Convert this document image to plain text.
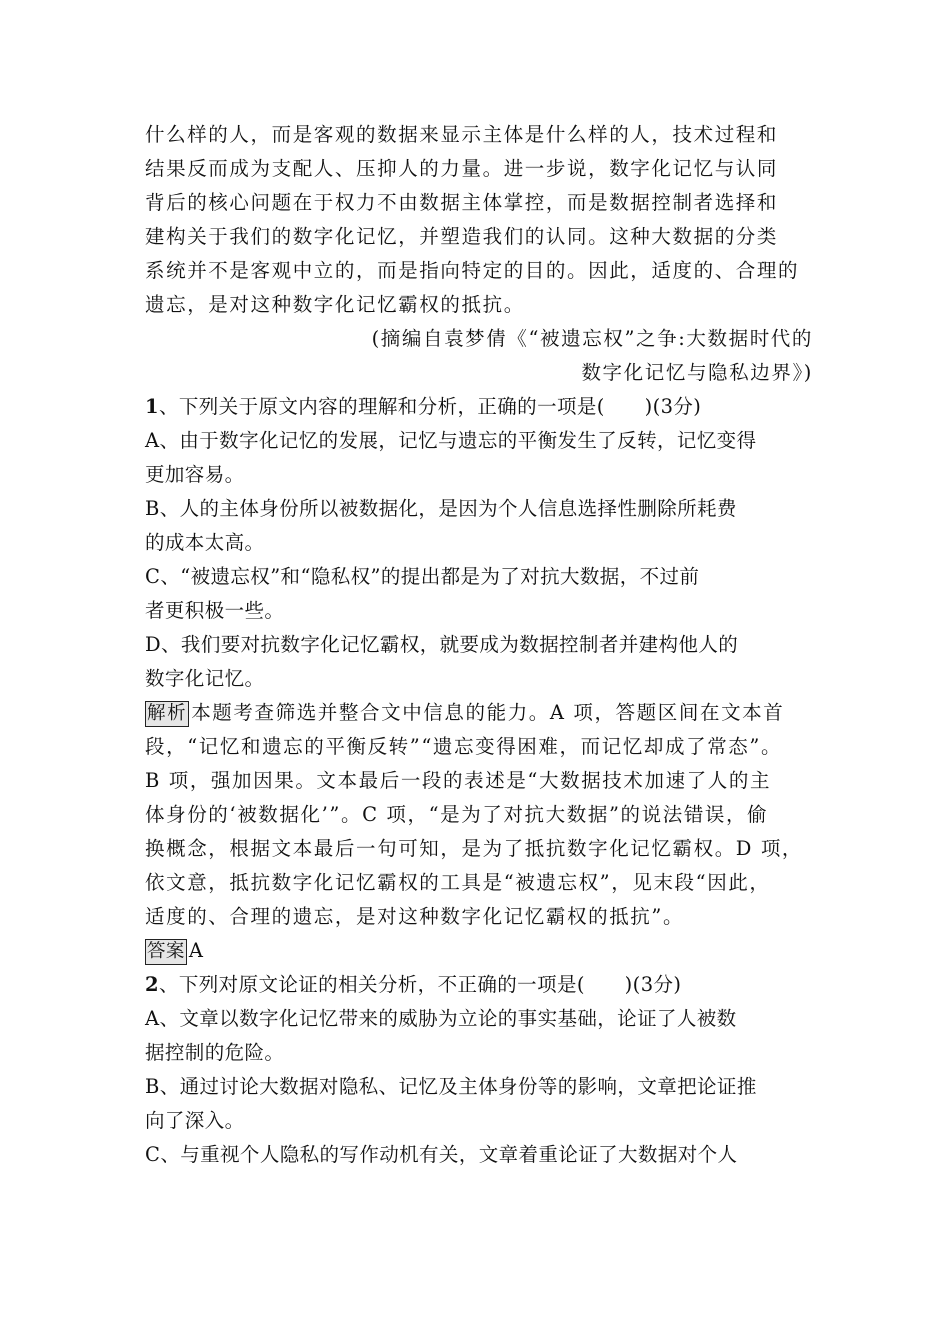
什么样的人，而是客观的数据来显示主体是什么样的人，技术过程和
结果反而成为支配人、压抑人的力量。进一步说，数字化记忆与认同
背后的核心问题在于权力不由数据主体掌控，而是数据控制者选择和
建构关于我们的数字化记忆，并塑造我们的认同。这种大数据的分类
系统并不是客观中立的，而是指向特定的目的。因此，适度的、合理的
遗忘，是对这种数字化记忆霸权的抵抗。
(摘编自袁梦倩《“被遗忘权”之争:大数据时代的
数字化记忆与隐私边界》)
1、下列关于原文内容的理解和分析，正确的一项是(　　)(3分)
A、由于数字化记忆的发展，记忆与遗忘的平衡发生了反转，记忆变得
更加容易。
B、人的主体身份所以被数据化，是因为个人信息选择性删除所耗费
的成本太高。
C、“被遗忘权”和“隐私权”的提出都是为了对抗大数据，不过前
者更积极一些。
D、我们要对抗数字化记忆霸权，就要成为数据控制者并建构他人的
数字化记忆。
解析 本题考查筛选并整合文中信息的能力。A 项，答题区间在文本首
段，“记忆和遗忘的平衡反转”“遗忘变得困难，而记忆却成了常态”。
B 项，强加因果。文本最后一段的表述是“大数据技术加速了人的主
体身份的‘被数据化’”。C 项，“是为了对抗大数据”的说法错误，偷
换概念，根据文本最后一句可知，是为了抵抗数字化记忆霸权。D 项，
依文意，抵抗数字化记忆霸权的工具是“被遗忘权”，见末段“因此，
适度的、合理的遗忘，是对这种数字化记忆霸权的抵抗”。
答案 A
2、下列对原文论证的相关分析，不正确的一项是(　　)(3分)
A、文章以数字化记忆带来的威胁为立论的事实基础，论证了人被数
据控制的危险。
B、通过讨论大数据对隐私、记忆及主体身份等的影响，文章把论证推
向了深入。
C、与重视个人隐私的写作动机有关，文章着重论证了大数据对个人
